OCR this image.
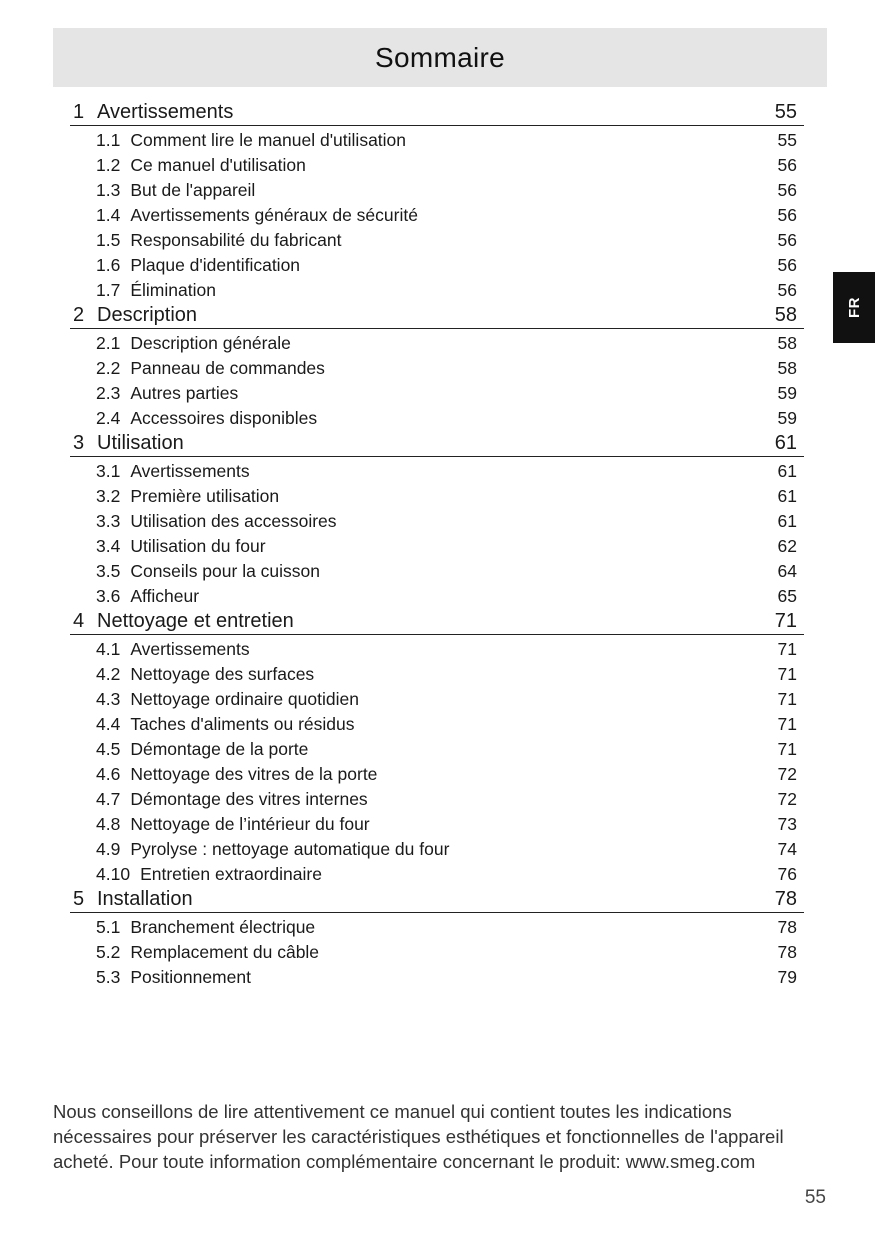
Sommaire
FR
1 Avertissements	55
1.1 Comment lire le manuel d'utilisation	55
1.2 Ce manuel d'utilisation	56
1.3 But de l'appareil	56
1.4 Avertissements généraux de sécurité	56
1.5 Responsabilité du fabricant	56
1.6 Plaque d'identification	56
1.7 Élimination	56
2 Description	58
2.1 Description générale	58
2.2 Panneau de commandes	58
2.3 Autres parties	59
2.4 Accessoires disponibles	59
3 Utilisation	61
3.1 Avertissements	61
3.2 Première utilisation	61
3.3 Utilisation des accessoires	61
3.4 Utilisation du four	62
3.5 Conseils pour la cuisson	64
3.6 Afficheur	65
4 Nettoyage et entretien	71
4.1 Avertissements	71
4.2 Nettoyage des surfaces	71
4.3 Nettoyage ordinaire quotidien	71
4.4 Taches d'aliments ou résidus	71
4.5 Démontage de la porte	71
4.6 Nettoyage des vitres de la porte	72
4.7 Démontage des vitres internes	72
4.8 Nettoyage de l’intérieur du four	73
4.9 Pyrolyse : nettoyage automatique du four	74
4.10 Entretien extraordinaire	76
5 Installation	78
5.1 Branchement électrique	78
5.2 Remplacement du câble	78
5.3 Positionnement	79

Nous conseillons de lire attentivement ce manuel qui contient toutes les indications nécessaires pour préserver les caractéristiques esthétiques et fonctionnelles de l'appareil acheté. Pour toute information complémentaire concernant le produit: www.smeg.com

55
